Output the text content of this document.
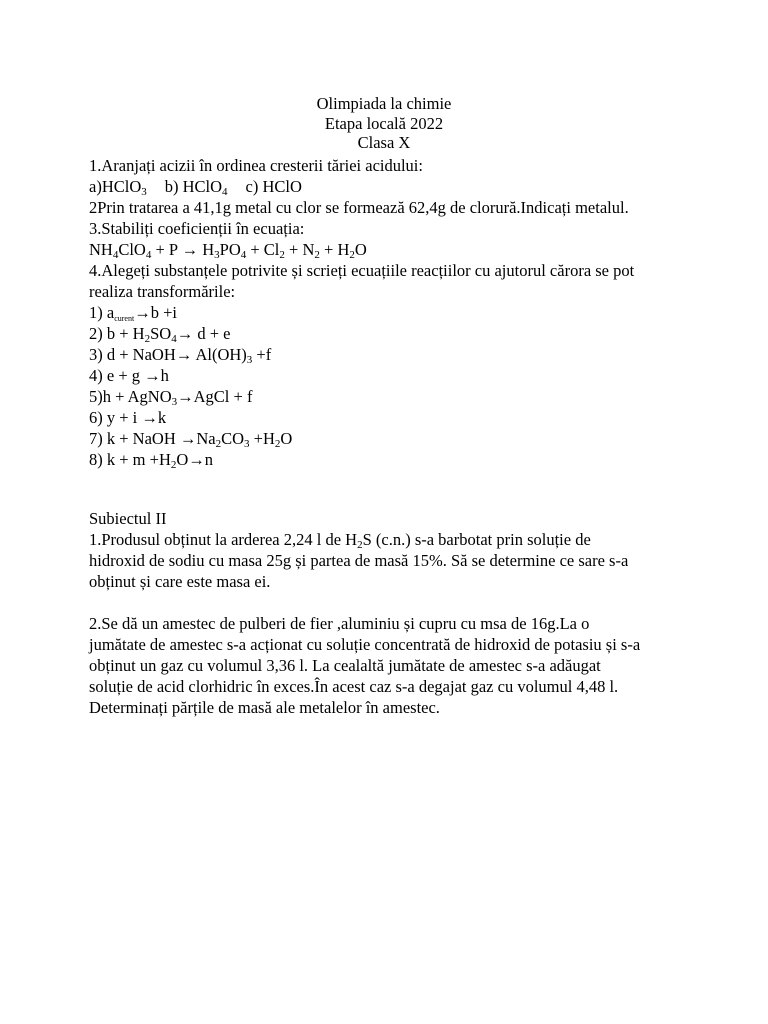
Olimpiada la chimie
Etapa locală 2022
Clasa X
1.Aranjați acizii în ordinea cresterii tăriei acidului:
a)HClO$_3$ b) HClO$_4$ c) HClO
2Prin tratarea a 41,1g metal cu clor se formează 62,4g de clorură.Indicați metalul.
3.Stabiliți coeficienții în ecuația:
$NH_4ClO_4 + P \to H_3PO_4 + Cl_2 + N_2 + H_2O$
4.Alegeți substanțele potrivite și scrieți ecuațiile reacțiilor cu ajutorul cărora se pot
realiza transformările:
1) acurent→b +i
2) $b + H_2SO_4\to d + e$
3) d + NaOH→ $Al(OH)_3 +f$
4) e + g →h
5)h + AgNO$_3$→AgCl + f
6) y + i →k
7) k + NaOH $\to Na_2CO_3 +H_2O$
8) $k + m +H_2O\to n$
Subiectul II
1.Produsul obținut la arderea 2,24 l de $H_2S$ (c.n.) s-a barbotat prin soluție de
hidroxid de sodiu cu masa 25g și partea de masă 15%. Să se determine ce sare s-a
obținut și care este masa ei.
2.Se dă un amestec de pulberi de fier ,aluminiu și cupru cu msa de 16g.La o
jumătate de amestec s-a acționat cu soluție concentrată de hidroxid de potasiu și s-a
obținut un gaz cu volumul 3,36 l. La cealaltă jumătate de amestec s-a adăugat
soluție de acid clorhidric în exces.În acest caz s-a degajat gaz cu volumul 4,48 l.
Determinați părțile de masă ale metalelor în amestec.
